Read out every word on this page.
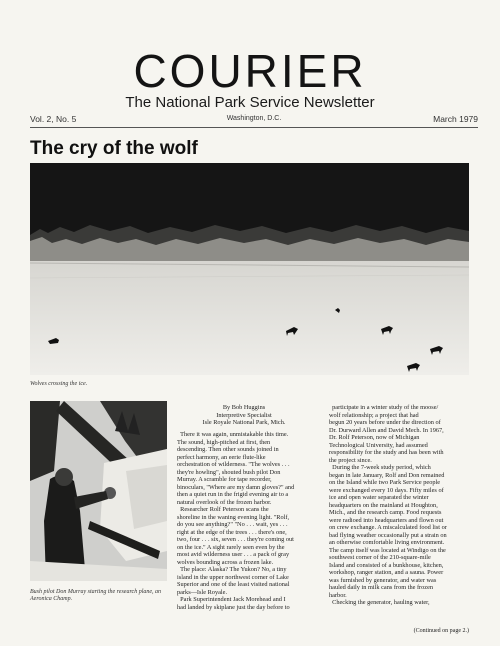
COURIER
The National Park Service Newsletter
Vol. 2, No. 5	Washington, D.C.	March 1979
The cry of the wolf
Wolves crossing the ice.
Bush pilot Don Murray starting the research plane, an Aeronica Champ.
By Bob Huggins
Interpretive Specialist
Isle Royale National Park, Mich.

There it was again, unmistakable this time.
The sound, high-pitched at first, then
descending. Then other sounds joined in
perfect harmony, an eerie flute-like
orchestration of wilderness. "The wolves . . .
they're howling", shouted bush pilot Don
Murray. A scramble for tape recorder,
binoculars, "Where are my damn gloves?" and
then a quiet run in the frigid evening air to a
natural overlook of the frozen harbor.

Researcher Rolf Peterson scans the
shoreline in the waning evening light. "Rolf,
do you see anything?" "No . . . wait, yes . . .
right at the edge of the trees . . . there's one,
two, four . . . six, seven . . . they're coming out
on the ice." A sight rarely seen even by the
most avid wilderness user . . . a pack of gray
wolves bounding across a frozen lake.

The place: Alaska? The Yukon? No, a tiny
island in the upper northwest corner of Lake
Superior and one of the least visited national
parks—Isle Royale.

Park Superintendent Jack Morehead and I
had landed by skiplane just the day before to

participate in a winter study of the moose/
wolf relationship; a project that had
begun 20 years before under the direction of
Dr. Durward Allen and David Mech. In 1967,
Dr. Rolf Peterson, now of Michigan
Technological University, had assumed
responsibility for the study and has been with
the project since.

During the 7-week study period, which
began in late January, Rolf and Don remained
on the Island while two Park Service people
were exchanged every 10 days. Fifty miles of
ice and open water separated the winter
headquarters on the mainland at Houghton,
Mich., and the research camp. Food requests
were radioed into headquarters and flown out
on crew exchange. A miscalculated food list or
bad flying weather occasionally put a strain on
an otherwise comfortable living environment.
The camp itself was located at Windigo on the
southwest corner of the 210-square-mile
Island and consisted of a bunkhouse, kitchen,
workshop, ranger station, and a sauna. Power
was furnished by generator, and water was
hauled daily in milk cans from the frozen
harbor.

Checking the generator, hauling water,

(Continued on page 2.)
